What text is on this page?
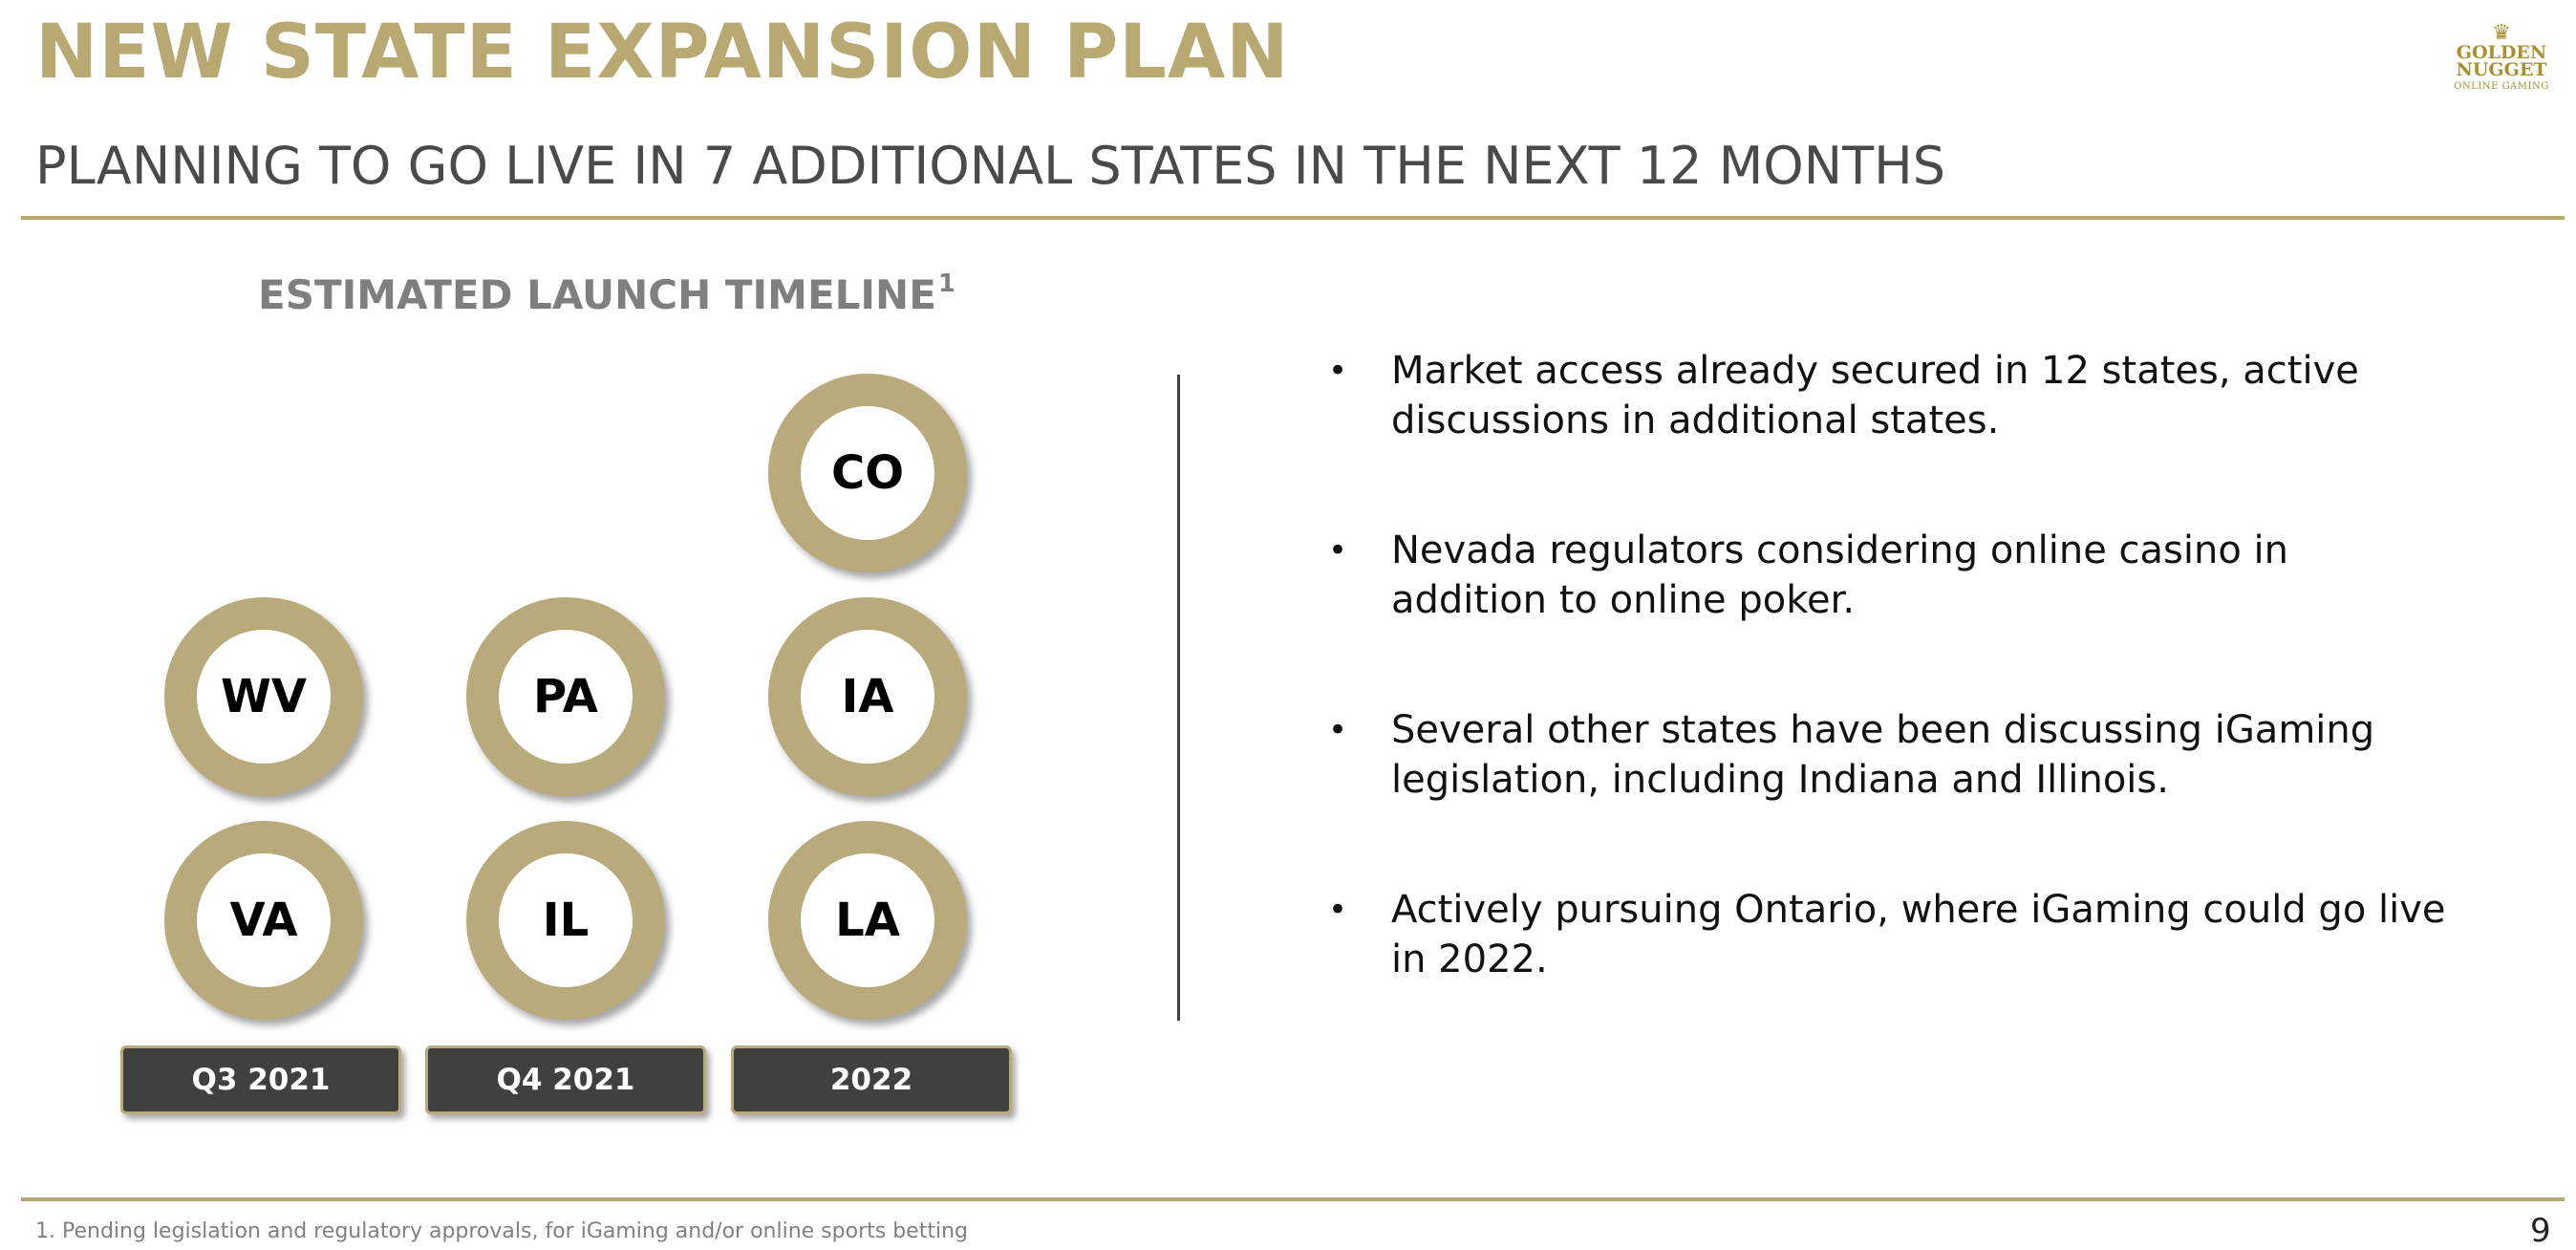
NEW STATE EXPANSION PLAN	♛
GOLDEN
NUGGET
ONLINE GAMING
PLANNING TO GO LIVE IN 7 ADDITIONAL STATES IN THE NEXT 12 MONTHS
ESTIMATED LAUNCH TIMELINE$^1$
WV
VA
PA
IL
CO
IA
LA
Q3 2021	Q4 2021	2022
• Market access already secured in 12 states, active discussions in additional states.
• Nevada regulators considering online casino in addition to online poker.
• Several other states have been discussing iGaming legislation, including Indiana and Illinois.
• Actively pursuing Ontario, where iGaming could go live in 2022.
1. Pending legislation and regulatory approvals, for iGaming and/or online sports betting	9
